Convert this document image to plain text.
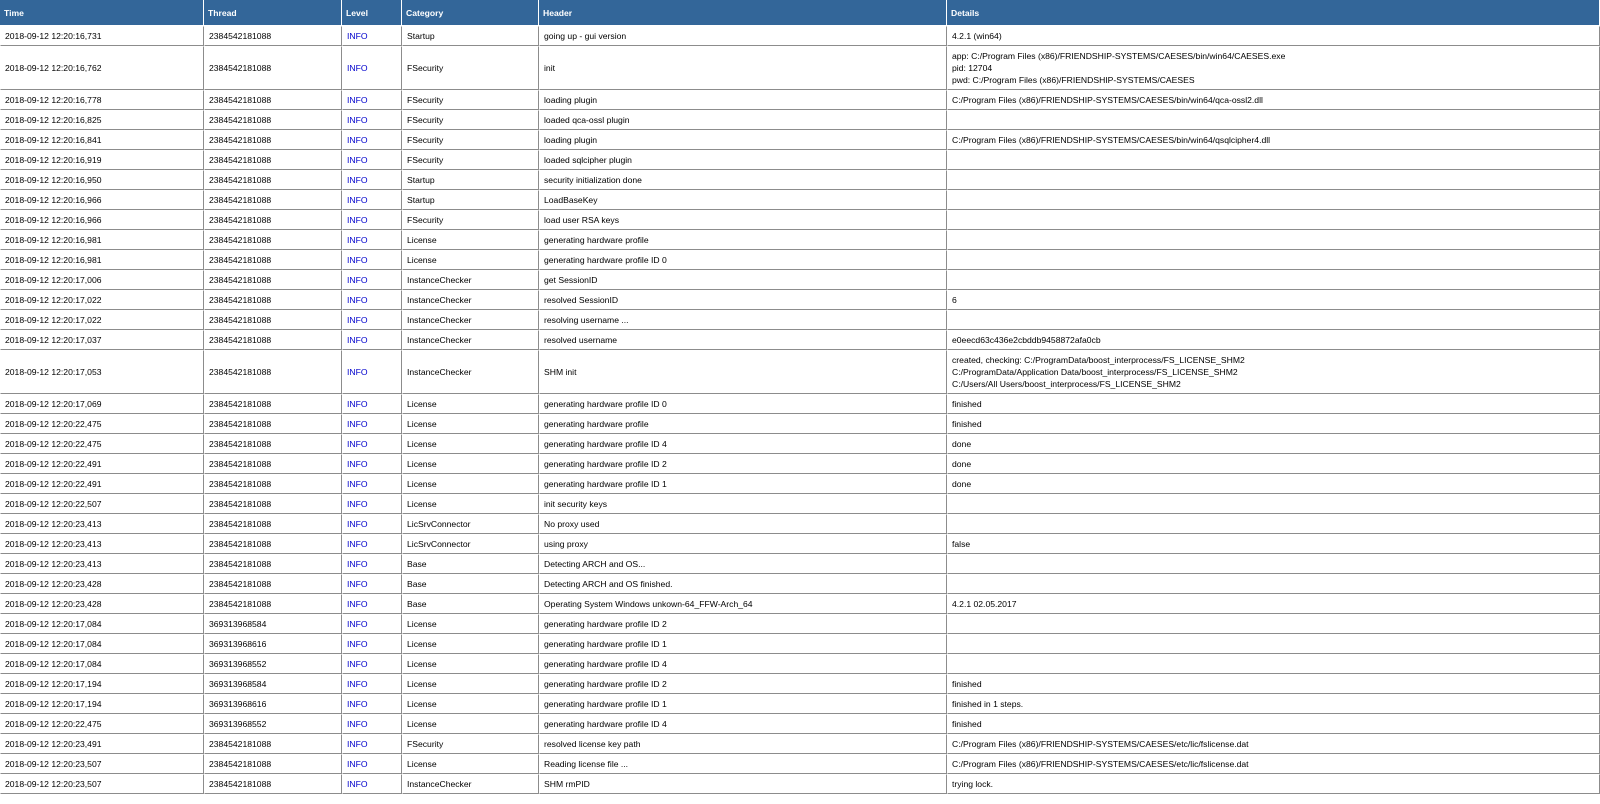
Time	Thread	Level	Category	Header	Details
2018-09-12 12:20:16,731	2384542181088	INFO	Startup	going up - gui version	4.2.1 (win64)

2018-09-12 12:20:16,762	2384542181088	INFO	FSecurity	init	app: C:/Program Files (x86)/FRIENDSHIP-SYSTEMS/CAESES/bin/win64/CAESES.exe
pid: 12704
pwd: C:/Program Files (x86)/FRIENDSHIP-SYSTEMS/CAESES

2018-09-12 12:20:16,778	2384542181088	INFO	FSecurity	loading plugin	C:/Program Files (x86)/FRIENDSHIP-SYSTEMS/CAESES/bin/win64/qca-ossl2.dll

2018-09-12 12:20:16,825	2384542181088	INFO	FSecurity	loaded qca-ossl plugin	
2018-09-12 12:20:16,841	2384542181088	INFO	FSecurity	loading plugin	C:/Program Files (x86)/FRIENDSHIP-SYSTEMS/CAESES/bin/win64/qsqlcipher4.dll

2018-09-12 12:20:16,919	2384542181088	INFO	FSecurity	loaded sqlcipher plugin	
2018-09-12 12:20:16,950	2384542181088	INFO	Startup	security initialization done	
2018-09-12 12:20:16,966	2384542181088	INFO	Startup	LoadBaseKey	
2018-09-12 12:20:16,966	2384542181088	INFO	FSecurity	load user RSA keys	
2018-09-12 12:20:16,981	2384542181088	INFO	License	generating hardware profile	
2018-09-12 12:20:16,981	2384542181088	INFO	License	generating hardware profile ID 0	
2018-09-12 12:20:17,006	2384542181088	INFO	InstanceChecker	get SessionID	
2018-09-12 12:20:17,022	2384542181088	INFO	InstanceChecker	resolved SessionID	6

2018-09-12 12:20:17,022	2384542181088	INFO	InstanceChecker	resolving username ...	
2018-09-12 12:20:17,037	2384542181088	INFO	InstanceChecker	resolved username	e0eecd63c436e2cbddb9458872afa0cb

2018-09-12 12:20:17,053	2384542181088	INFO	InstanceChecker	SHM init	created, checking: C:/ProgramData/boost_interprocess/FS_LICENSE_SHM2
C:/ProgramData/Application Data/boost_interprocess/FS_LICENSE_SHM2
C:/Users/All Users/boost_interprocess/FS_LICENSE_SHM2

2018-09-12 12:20:17,069	2384542181088	INFO	License	generating hardware profile ID 0	finished

2018-09-12 12:20:22,475	2384542181088	INFO	License	generating hardware profile	finished

2018-09-12 12:20:22,475	2384542181088	INFO	License	generating hardware profile ID 4	done

2018-09-12 12:20:22,491	2384542181088	INFO	License	generating hardware profile ID 2	done

2018-09-12 12:20:22,491	2384542181088	INFO	License	generating hardware profile ID 1	done

2018-09-12 12:20:22,507	2384542181088	INFO	License	init security keys	
2018-09-12 12:20:23,413	2384542181088	INFO	LicSrvConnector	No proxy used	
2018-09-12 12:20:23,413	2384542181088	INFO	LicSrvConnector	using proxy	false

2018-09-12 12:20:23,413	2384542181088	INFO	Base	Detecting ARCH and OS...	
2018-09-12 12:20:23,428	2384542181088	INFO	Base	Detecting ARCH and OS finished.	
2018-09-12 12:20:23,428	2384542181088	INFO	Base	Operating System Windows unkown-64_FFW-Arch_64	4.2.1 02.05.2017

2018-09-12 12:20:17,084	369313968584	INFO	License	generating hardware profile ID 2	
2018-09-12 12:20:17,084	369313968616	INFO	License	generating hardware profile ID 1	
2018-09-12 12:20:17,084	369313968552	INFO	License	generating hardware profile ID 4	
2018-09-12 12:20:17,194	369313968584	INFO	License	generating hardware profile ID 2	finished

2018-09-12 12:20:17,194	369313968616	INFO	License	generating hardware profile ID 1	finished in 1 steps.

2018-09-12 12:20:22,475	369313968552	INFO	License	generating hardware profile ID 4	finished

2018-09-12 12:20:23,491	2384542181088	INFO	FSecurity	resolved license key path	C:/Program Files (x86)/FRIENDSHIP-SYSTEMS/CAESES/etc/lic/fslicense.dat

2018-09-12 12:20:23,507	2384542181088	INFO	License	Reading license file ...	C:/Program Files (x86)/FRIENDSHIP-SYSTEMS/CAESES/etc/lic/fslicense.dat

2018-09-12 12:20:23,507	2384542181088	INFO	InstanceChecker	SHM rmPID	trying lock.
